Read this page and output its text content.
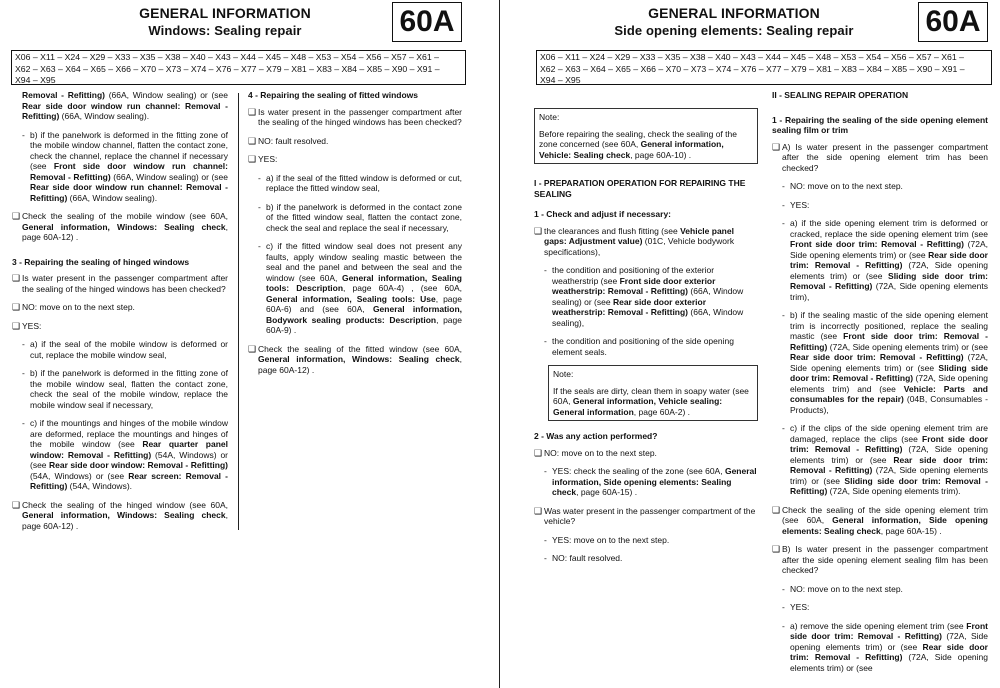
GENERAL INFORMATION
Windows: Sealing repair	60A
X06 – X11 – X24 – X29 – X33 – X35 – X38 – X40 – X43 – X44 – X45 – X48 – X53 – X54 – X56 – X57 – X61 –
X62 – X63 – X64 – X65 – X66 – X70 – X73 – X74 – X76 – X77 – X79 – X81 – X83 – X84 – X85 – X90 – X91 –
X94 – X95

Removal - Refitting) (66A, Window sealing) or (see Rear side door window run channel: Removal - Refitting) (66A, Window sealing).

- b) if the panelwork is deformed in the fitting zone of the mobile window channel, flatten the contact zone, check the channel, replace the channel if necessary (see Front side door window run channel: Removal - Refitting) (66A, Window sealing) or (see Rear side door window run channel: Removal - Refitting) (66A, Window sealing).
❑ Check the sealing of the mobile window (see 60A, General information, Windows: Sealing check, page 60A-12) .

3 - Repairing the sealing of hinged windows

❑ Is water present in the passenger compartment after the sealing of the hinged windows has been checked?
❑ NO: move on to the next step.
❑ YES:
- a) if the seal of the mobile window is deformed or cut, replace the mobile window seal,
- b) if the panelwork is deformed in the fitting zone of the mobile window seal, flatten the contact zone, check the seal of the mobile window, replace the mobile window seal if necessary,
- c) if the mountings and hinges of the mobile window are deformed, replace the mountings and hinges of the mobile window (see Rear quarter panel window: Removal - Refitting) (54A, Windows) or (see Rear side door window: Removal - Refitting) (54A, Windows) or (see Rear screen: Removal - Refitting) (54A, Windows).
❑ Check the sealing of the hinged window (see 60A, General information, Windows: Sealing check, page 60A-12) .

4 - Repairing the sealing of fitted windows

❑ Is water present in the passenger compartment after the sealing of the hinged windows has been checked?
❑ NO: fault resolved.
❑ YES:
- a) if the seal of the fitted window is deformed or cut, replace the fitted window seal,
- b) if the panelwork is deformed in the contact zone of the fitted window seal, flatten the contact zone, check the seal and replace the seal if necessary,
- c) if the fitted window seal does not present any faults, apply window sealing mastic between the seal and the panel and between the seal and the window (see 60A, General information, Sealing tools: Description, page 60A-4) , (see 60A, General information, Sealing tools: Use, page 60A-6) and (see 60A, General information, Bodywork sealing products: Description, page 60A-9) .
❑ Check the sealing of the fitted window (see 60A, General information, Windows: Sealing check, page 60A-12) .
GENERAL INFORMATION
Side opening elements: Sealing repair	60A
X06 – X11 – X24 – X29 – X33 – X35 – X38 – X40 – X43 – X44 – X45 – X48 – X53 – X54 – X56 – X57 – X61 –
X62 – X63 – X64 – X65 – X66 – X70 – X73 – X74 – X76 – X77 – X79 – X81 – X83 – X84 – X85 – X90 – X91 –
X94 – X95

Note:

Before repairing the sealing, check the sealing of the zone concerned (see 60A, General information, Vehicle: Sealing check, page 60A-10) .

I - PREPARATION OPERATION FOR REPAIRING THE SEALING

1 - Check and adjust if necessary:

❑ the clearances and flush fitting (see Vehicle panel gaps: Adjustment value) (01C, Vehicle bodywork specifications),
- the condition and positioning of the exterior weatherstrip (see Front side door exterior weatherstrip: Removal - Refitting) (66A, Window sealing) or (see Rear side door exterior weatherstrip: Removal - Refitting) (66A, Window sealing),
- the condition and positioning of the side opening element seals.

Note:

If the seals are dirty, clean them in soapy water (see 60A, General information, Vehicle sealing: General information, page 60A-2) .

2 - Was any action performed?

❑ NO: move on to the next step.
- YES: check the sealing of the zone (see 60A, General information, Side opening elements: Sealing check, page 60A-15) .
❑ Was water present in the passenger compartment of the vehicle?
- YES: move on to the next step.
- NO: fault resolved.

II - SEALING REPAIR OPERATION

1 - Repairing the sealing of the side opening element sealing film or trim

❑ A) Is water present in the passenger compartment after the side opening element trim has been checked?
- NO: move on to the next step.
- YES:
- a) if the side opening element trim is deformed or cracked, replace the side opening element trim (see Front side door trim: Removal - Refitting) (72A, Side opening elements trim) or (see Rear side door trim: Removal - Refitting) (72A, Side opening elements trim) or (see Sliding side door trim: Removal - Refitting) (72A, Side opening elements trim),
- b) if the sealing mastic of the side opening element trim is incorrectly positioned, replace the sealing mastic (see Front side door trim: Removal - Refitting) (72A, Side opening elements trim) or (see Rear side door trim: Removal - Refitting) (72A, Side opening elements trim) or (see Sliding side door trim: Removal - Refitting) (72A, Side opening elements trim) and (see Vehicle: Parts and consumables for the repair) (04B, Consumables - Products),
- c) if the clips of the side opening element trim are damaged, replace the clips (see Front side door trim: Removal - Refitting) (72A, Side opening elements trim) or (see Rear side door trim: Removal - Refitting) (72A, Side opening elements trim) or (see Sliding side door trim: Removal - Refitting) (72A, Side opening elements trim).
❑ Check the sealing of the side opening element trim (see 60A, General information, Side opening elements: Sealing check, page 60A-15) .
❑ B) Is water present in the passenger compartment after the side opening element sealing film has been checked?
- NO: move on to the next step.
- YES:
- a) remove the side opening element trim (see Front side door trim: Removal - Refitting) (72A, Side opening elements trim) or (see Rear side door trim: Removal - Refitting) (72A, Side opening elements trim) or (see
